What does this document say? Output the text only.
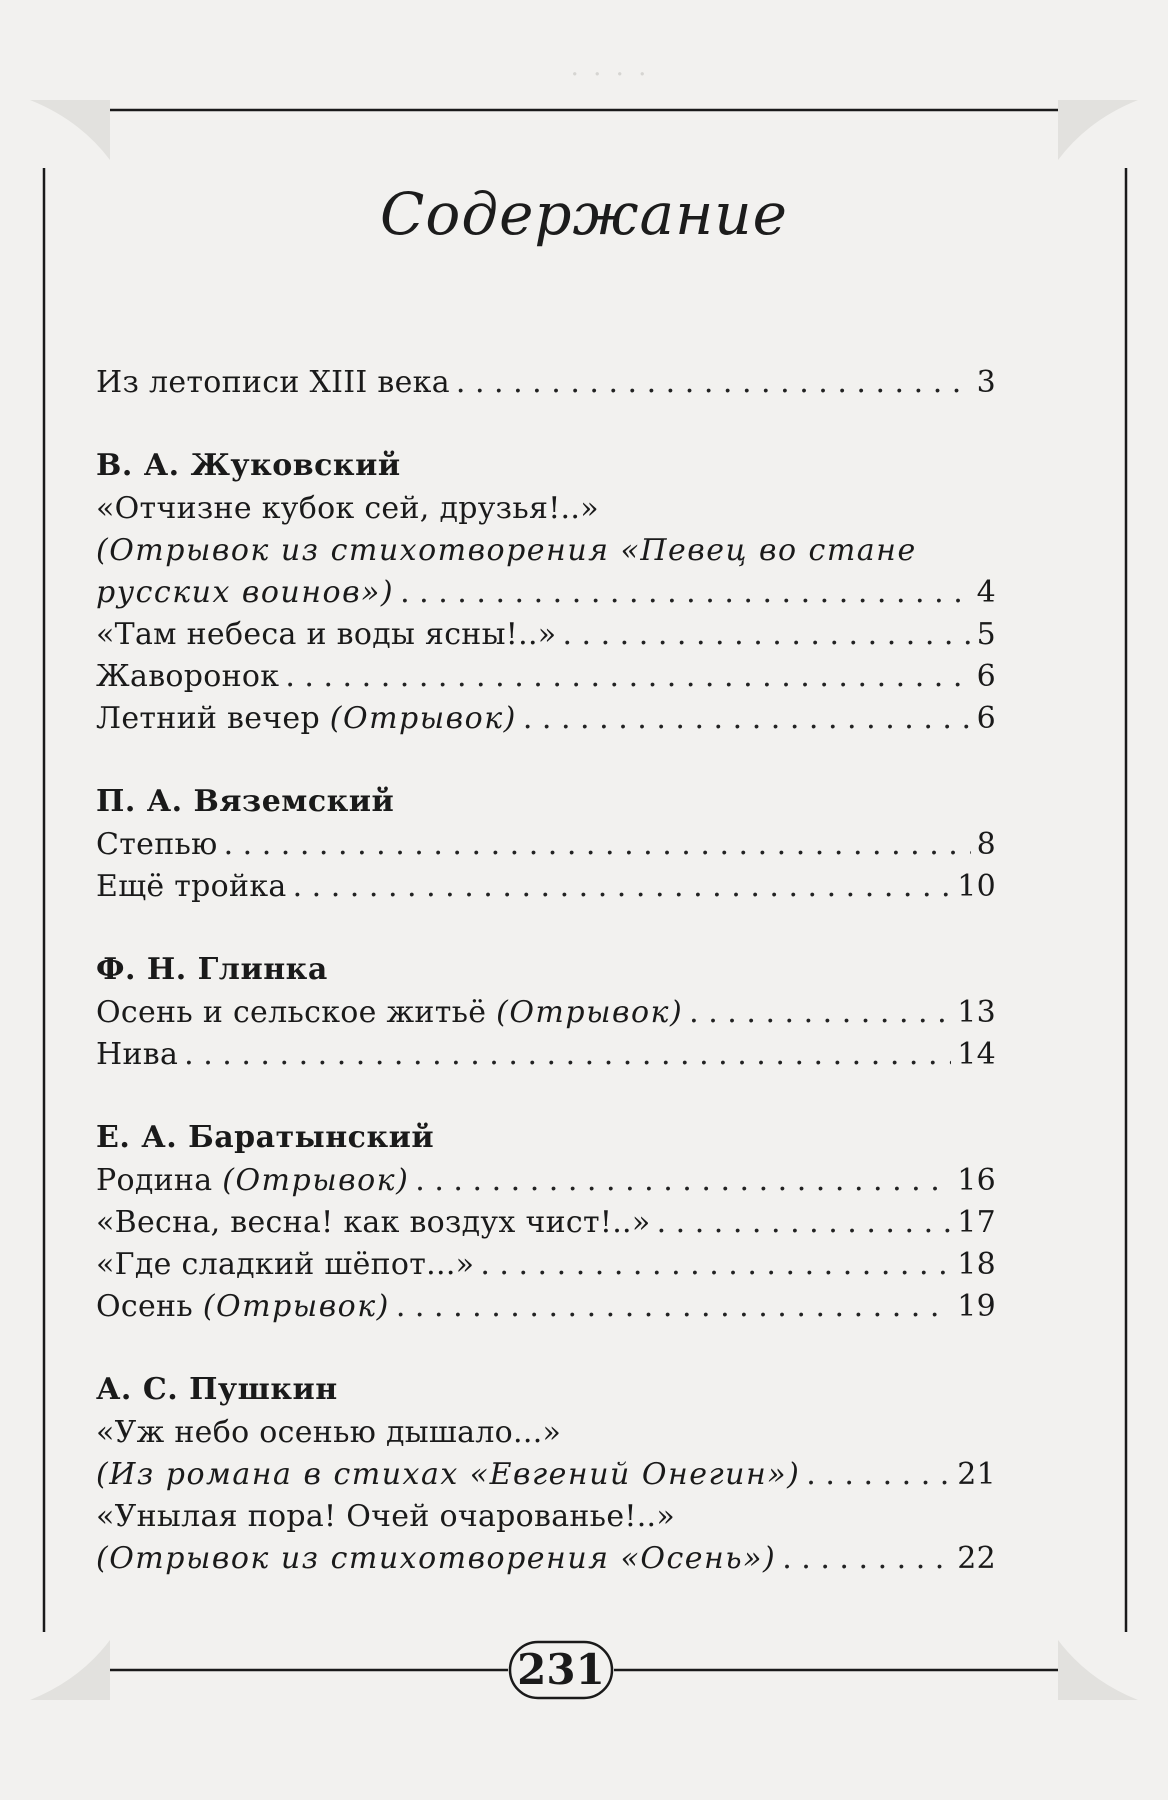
· · · ·
Содержание
Из летописи XIII века . . .	3
В. А. Жуковский
«Отчизне кубок сей, друзья!..»
(Отрывок из стихотворения «Певец во стане
русских воинов») . . .	4
«Там небеса и воды ясны!..» . . .	5
Жаворонок . . .	6
Летний вечер (Отрывок) . . .	6
П. А. Вяземский
Степью . . .	8
Ещё тройка . . .	10
Ф. Н. Глинка
Осень и сельское житьё (Отрывок) . . .	13
Нива . . .	14
Е. А. Баратынский
Родина (Отрывок) . . .	16
«Весна, весна! как воздух чист!..» . . .	17
«Где сладкий шёпот...» . . .	18
Осень (Отрывок) . . .	19
А. С. Пушкин
«Уж небо осенью дышало...»
(Из романа в стихах «Евгений Онегин») . . .	21
«Унылая пора! Очей очарованье!..»
(Отрывок из стихотворения «Осень») . . .	22
231
